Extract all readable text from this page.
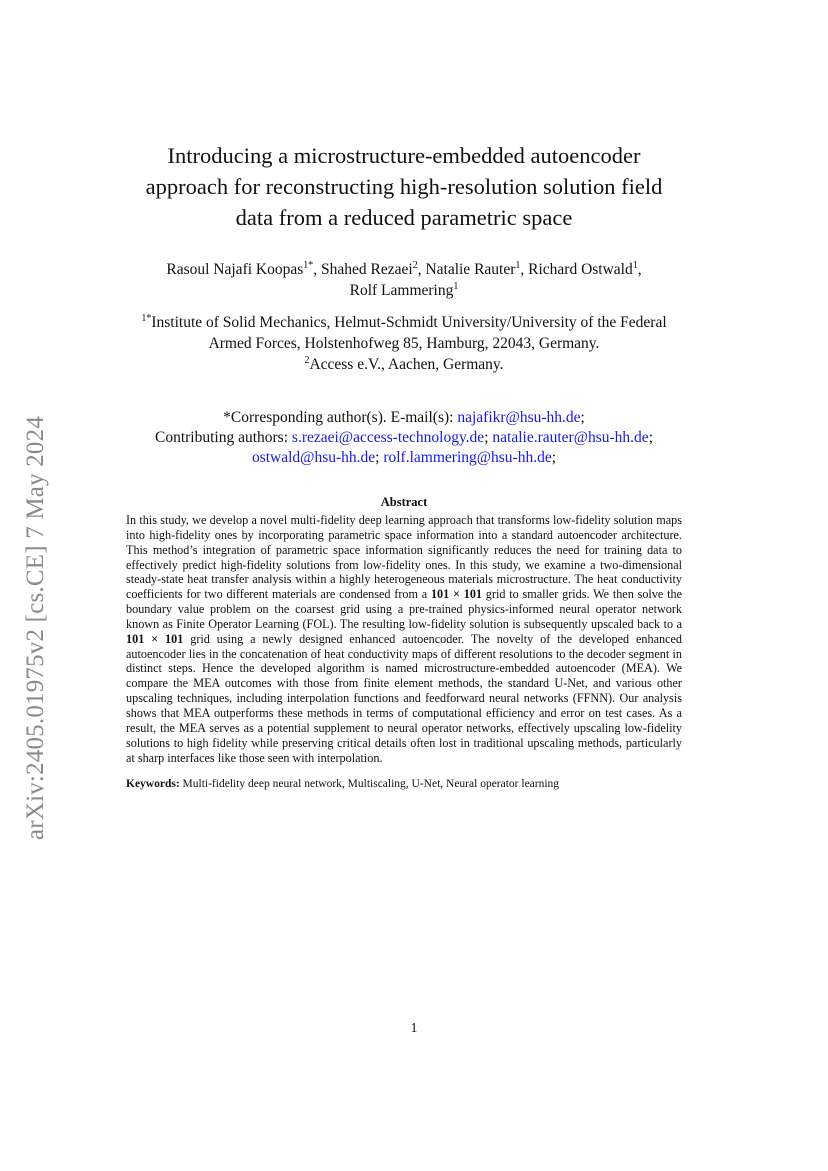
arXiv:2405.01975v2 [cs.CE] 7 May 2024
Introducing a microstructure-embedded autoencoder
approach for reconstructing high-resolution solution field
data from a reduced parametric space
Rasoul Najafi Koopas$^{1*}$, Shahed Rezaei$^2$, Natalie Rauter$^1$, Richard Ostwald$^1$,
Rolf Lammering$^1$
$^{1*}$Institute of Solid Mechanics, Helmut-Schmidt University/University of the Federal
Armed Forces, Holstenhofweg 85, Hamburg, 22043, Germany.
$^2$Access e.V., Aachen, Germany.
*Corresponding author(s). E-mail(s): najafikr@hsu-hh.de;
Contributing authors: s.rezaei@access-technology.de; natalie.rauter@hsu-hh.de;
ostwald@hsu-hh.de; rolf.lammering@hsu-hh.de;
Abstract
In this study, we develop a novel multi-fidelity deep learning approach that transforms low-fidelity solution maps into high-fidelity ones by incorporating parametric space information into a standard autoencoder architecture. This method’s integration of parametric space information significantly reduces the need for training data to effectively predict high-fidelity solutions from low-fidelity ones. In this study, we examine a two-dimensional steady-state heat transfer analysis within a highly heterogeneous materials microstructure. The heat conductivity coefficients for two different materials are condensed from a 101 × 101 grid to smaller grids. We then solve the boundary value problem on the coarsest grid using a pre-trained physics-informed neural operator network known as Finite Operator Learning (FOL). The resulting low-fidelity solution is subsequently upscaled back to a 101 × 101 grid using a newly designed enhanced autoencoder. The novelty of the developed enhanced autoencoder lies in the concatenation of heat conductivity maps of different resolutions to the decoder segment in distinct steps. Hence the developed algorithm is named microstructure-embedded autoencoder (MEA). We compare the MEA outcomes with those from finite element methods, the standard U-Net, and various other upscaling techniques, including interpolation functions and feedforward neural networks (FFNN). Our analysis shows that MEA outperforms these methods in terms of computational efficiency and error on test cases. As a result, the MEA serves as a potential supplement to neural operator networks, effectively upscaling low-fidelity solutions to high fidelity while preserving critical details often lost in traditional upscaling methods, particularly at sharp interfaces like those seen with interpolation.
Keywords: Multi-fidelity deep neural network, Multiscaling, U-Net, Neural operator learning
1
